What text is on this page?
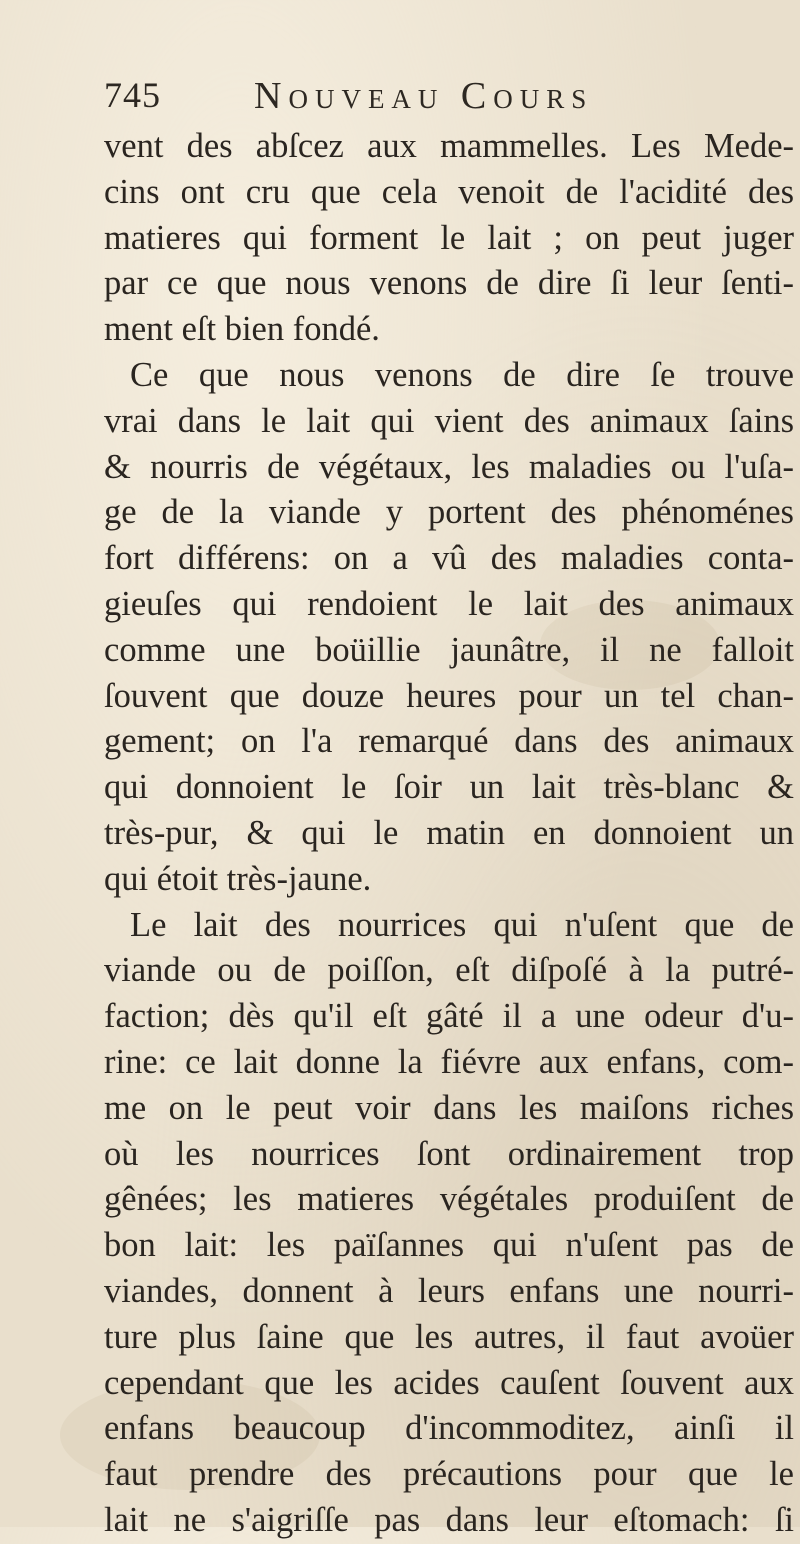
745 Nouveau Cours
vent des abſcez aux mammelles. Les Mede-
cins ont cru que cela venoit de l'acidité des
matieres qui forment le lait ; on peut juger
par ce que nous venons de dire ſi leur ſenti-
ment eſt bien fondé.
Ce que nous venons de dire ſe trouve
vrai dans le lait qui vient des animaux ſains
& nourris de végétaux, les maladies ou l'uſa-
ge de la viande y portent des phénoménes
fort différens: on a vû des maladies conta-
gieuſes qui rendoient le lait des animaux
comme une boüillie jaunâtre, il ne falloit
ſouvent que douze heures pour un tel chan-
gement; on l'a remarqué dans des animaux
qui donnoient le ſoir un lait très-blanc &
très-pur, & qui le matin en donnoient un
qui étoit très-jaune.
Le lait des nourrices qui n'uſent que de
viande ou de poiſſon, eſt diſpoſé à la putré-
faction; dès qu'il eſt gâté il a une odeur d'u-
rine: ce lait donne la fiévre aux enfans, com-
me on le peut voir dans les maiſons riches
où les nourrices ſont ordinairement trop
gênées; les matieres végétales produiſent de
bon lait: les païſannes qui n'uſent pas de
viandes, donnent à leurs enfans une nourri-
ture plus ſaine que les autres, il faut avoüer
cependant que les acides cauſent ſouvent aux
enfans beaucoup d'incommoditez, ainſi il
faut prendre des précautions pour que le
lait ne s'aigriſſe pas dans leur eſtomach: ſi
